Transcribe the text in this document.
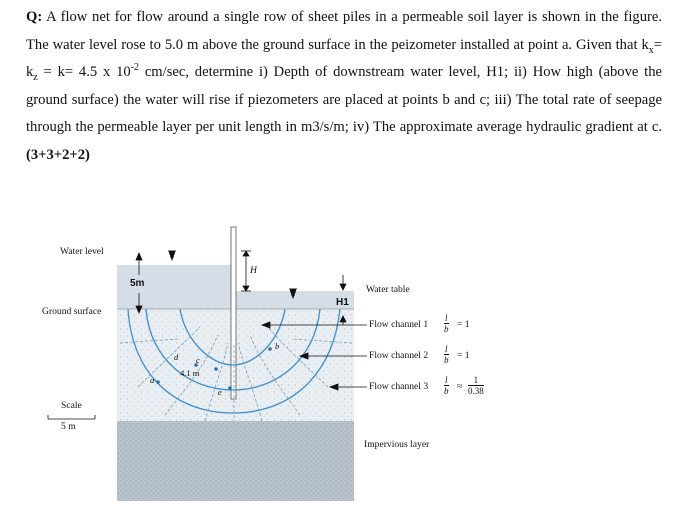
Q: A flow net for flow around a single row of sheet piles in a permeable soil layer is shown in the figure. The water level rose to 5.0 m above the ground surface in the peizometer installed at point a. Given that $k_x= k_z = k= 4.5$ x $10^{-2}$ cm/sec, determine i) Depth of downstream water level, H1; ii) How high (above the ground surface) the water will rise if piezometers are placed at points b and c; iii) The total rate of seepage through the permeable layer per unit length in m3/s/m; iv) The approximate average hydraulic gradient at c. (3+3+2+2)
Water level
Ground surface
Scale
5 m
5m
H
H1
Water table
Flow channel $1 \frac{l}{b} = 1$
Flow channel $2 \frac{l}{b} = 1$
Flow channel $3 \frac{l}{b} \approx \frac{1}{0.38}$
Impervious layer
a
b
c
d
e
4.1 m
